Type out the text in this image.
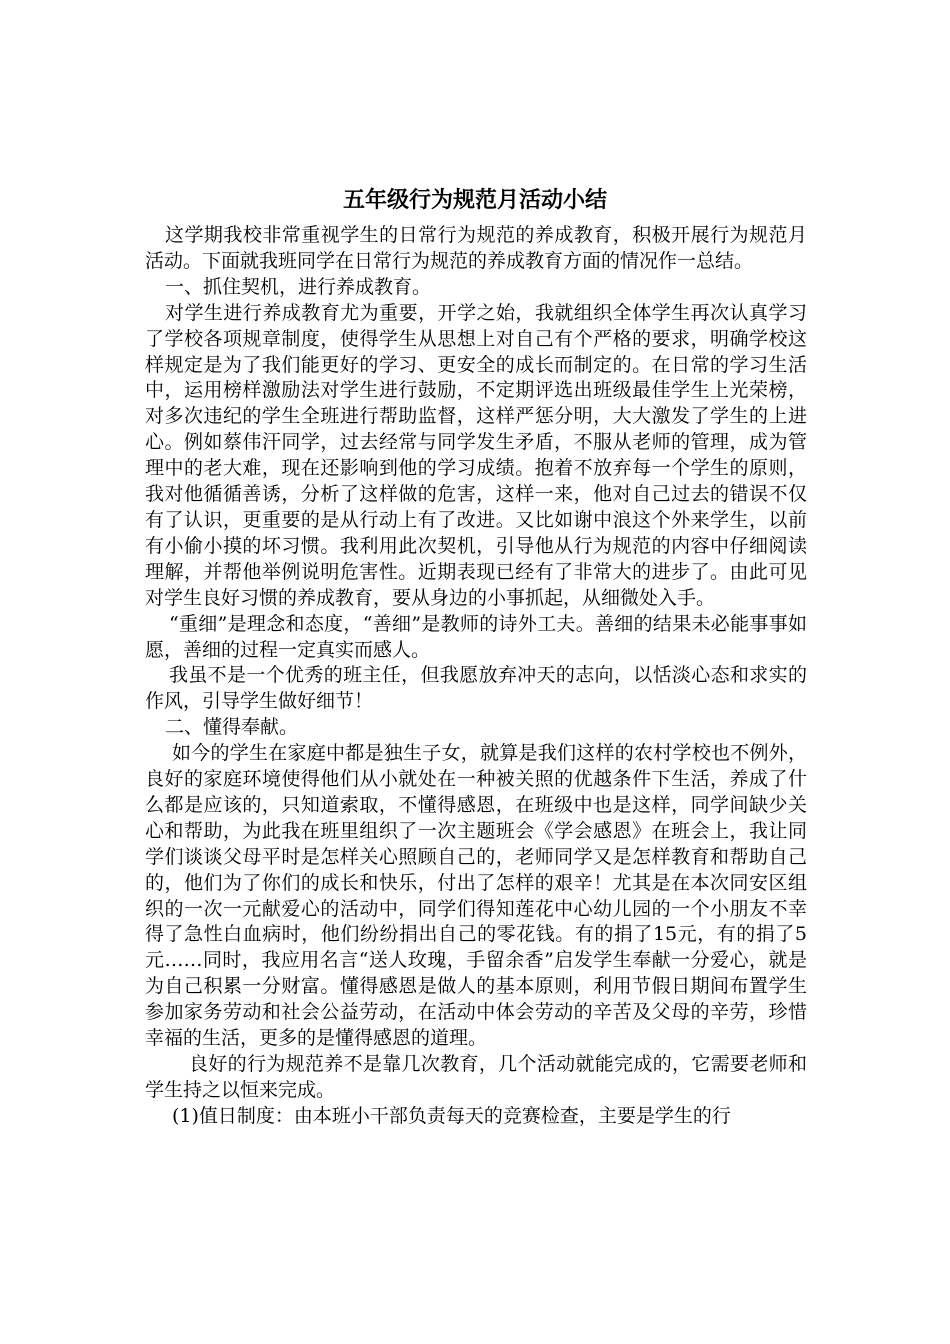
五年级行为规范月活动小结

这学期我校非常重视学生的日常行为规范的养成教育，积极开展行为规范月活动。下面就我班同学在日常行为规范的养成教育方面的情况作一总结。

一、抓住契机，进行养成教育。

对学生进行养成教育尤为重要，开学之始，我就组织全体学生再次认真学习了学校各项规章制度，使得学生从思想上对自己有个严格的要求，明确学校这样规定是为了我们能更好的学习、更安全的成长而制定的。在日常的学习生活中，运用榜样激励法对学生进行鼓励，不定期评选出班级最佳学生上光荣榜，对多次违纪的学生全班进行帮助监督，这样严惩分明，大大激发了学生的上进心。例如蔡伟汗同学，过去经常与同学发生矛盾，不服从老师的管理，成为管理中的老大难，现在还影响到他的学习成绩。抱着不放弃每一个学生的原则，我对他循循善诱，分析了这样做的危害，这样一来，他对自己过去的错误不仅有了认识，更重要的是从行动上有了改进。又比如谢中浪这个外来学生，以前有小偷小摸的坏习惯。我利用此次契机，引导他从行为规范的内容中仔细阅读理解，并帮他举例说明危害性。近期表现已经有了非常大的进步了。由此可见对学生良好习惯的养成教育，要从身边的小事抓起，从细微处入手。

“重细”是理念和态度，“善细”是教师的诗外工夫。善细的结果未必能事事如愿，善细的过程一定真实而感人。

我虽不是一个优秀的班主任，但我愿放弃冲天的志向，以恬淡心态和求实的作风，引导学生做好细节！

二、懂得奉献。

如今的学生在家庭中都是独生子女，就算是我们这样的农村学校也不例外，良好的家庭环境使得他们从小就处在一种被关照的优越条件下生活，养成了什么都是应该的，只知道索取，不懂得感恩，在班级中也是这样，同学间缺少关心和帮助，为此我在班里组织了一次主题班会《学会感恩》在班会上，我让同学们谈谈父母平时是怎样关心照顾自己的，老师同学又是怎样教育和帮助自己的，他们为了你们的成长和快乐，付出了怎样的艰辛！尤其是在本次同安区组织的一次一元献爱心的活动中，同学们得知莲花中心幼儿园的一个小朋友不幸得了急性白血病时，他们纷纷捐出自己的零花钱。有的捐了15元，有的捐了5元……同时，我应用名言“送人玫瑰，手留余香”启发学生奉献一分爱心，就是为自己积累一分财富。懂得感恩是做人的基本原则，利用节假日期间布置学生参加家务劳动和社会公益劳动，在活动中体会劳动的辛苦及父母的辛劳，珍惜幸福的生活，更多的是懂得感恩的道理。

良好的行为规范养不是靠几次教育，几个活动就能完成的，它需要老师和学生持之以恒来完成。

(1)值日制度：由本班小干部负责每天的竞赛检查，主要是学生的行
